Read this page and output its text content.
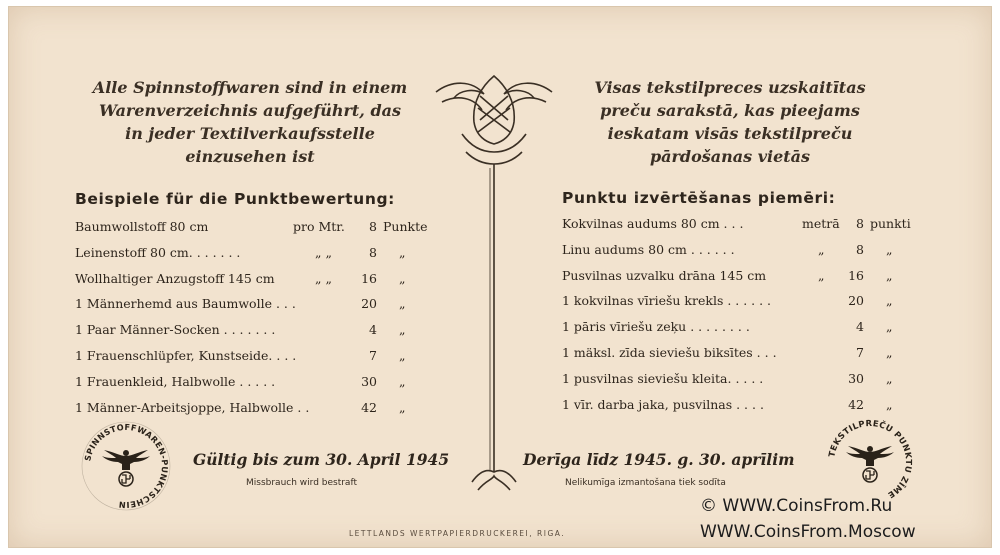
Alle Spinnstoffwaren sind in einem
Warenverzeichnis aufgeführt, das
in jeder Textilverkaufsstelle
einzusehen ist
Visas tekstilpreces uzskaitītas
preču sarakstā, kas pieejams
ieskatam visās tekstilpreču
pārdošanas vietās
Beispiele für die Punktbewertung:	Punktu izvērtēšanas piemēri:
Baumwollstoff 80 cm	pro Mtr.	8 Punkte
Leinenstoff 80 cm. . . . . . .	„ „	8 „
Wollhaltiger Anzugstoff 145 cm	„ „	16 „
1 Männerhemd aus Baumwolle . . .	20 „
1 Paar Männer-Socken . . . . . . .	4 „
1 Frauenschlüpfer, Kunstseide. . . .	7 „
1 Frauenkleid, Halbwolle . . . . .	30 „
1 Männer-Arbeitsjoppe, Halbwolle . .	42 „
Kokvilnas audums 80 cm . . .	metrā	8 punkti
Linu audums 80 cm . . . . . .	„	8 „
Pusvilnas uzvalku drāna 145 cm	„	16 „
1 kokvilnas vīriešu krekls . . . . . .	20 „
1 pāris vīriešu zeķu . . . . . . . .	4 „
1 mäksl. zīda sieviešu biksītes . . .	7 „
1 pusvilnas sieviešu kleita. . . . .	30 „
1 vīr. darba jaka, pusvilnas . . . .	42 „
Gültig bis zum 30. April 1945
Missbrauch wird bestraft
Derīga līdz 1945. g. 30. aprīlim
Nelikumīga izmantošana tiek sodīta
SPINNSTOFFWAREN-PUNKTSCHEIN
TEKSTILPREČU PUNKTU ZĪME
LETTLANDS WERTPAPIERDRUCKEREI, RIGA.
© WWW.CoinsFrom.Ru
WWW.CoinsFrom.Moscow
